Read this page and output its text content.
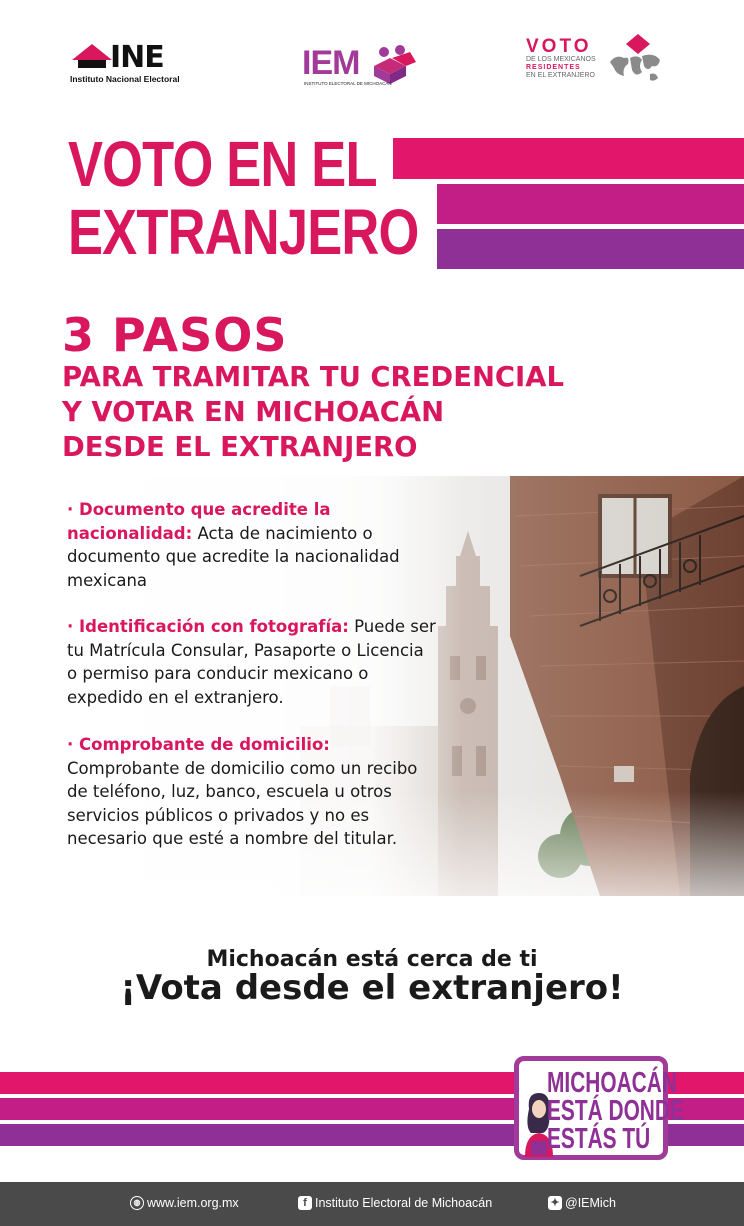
INE
Instituto Nacional Electoral	IEM
INSTITUTO ELECTORAL DE MICHOACÁN
VOTO
DE LOS MEXICANOS
RESIDENTES
EN EL EXTRANJERO
VOTO EN EL
EXTRANJERO
3 PASOS
PARA TRAMITAR TU CREDENCIAL
Y VOTAR EN MICHOACÁN
DESDE EL EXTRANJERO
· Documento que acredite la nacionalidad: Acta de nacimiento o documento que acredite la nacionalidad mexicana
· Identificación con fotografía: Puede ser tu Matrícula Consular, Pasaporte o Licencia o permiso para conducir mexicano o expedido en el extranjero.
· Comprobante de domicilio: Comprobante de domicilio como un recibo de teléfono, luz, banco, escuela u otros servicios públicos o privados y no es necesario que esté a nombre del titular.
Michoacán está cerca de ti
¡Vota desde el extranjero!
MICHOACÁN
ESTÁ DONDE
ESTÁS TÚ
◍ www.iem.org.mx	f Instituto Electoral de Michoacán	✦ @IEMich
